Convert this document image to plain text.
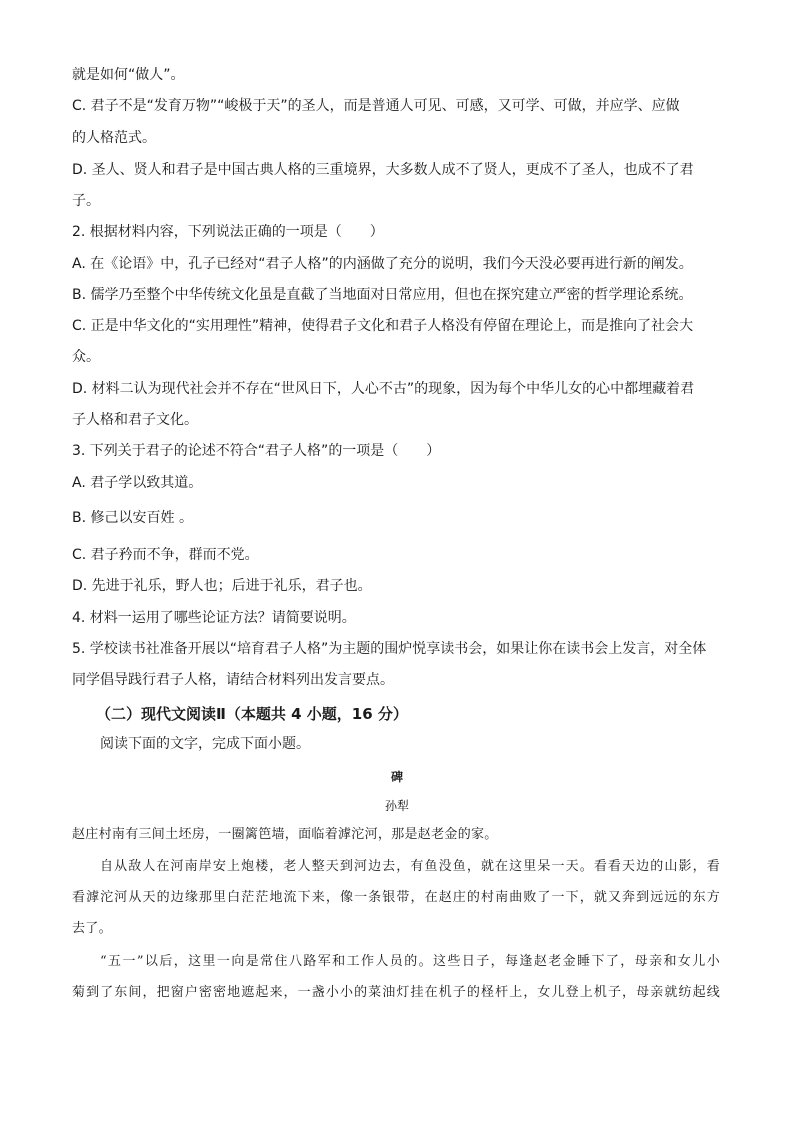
就是如何“做人”。
C. 君子不是“发育万物”“峻极于天”的圣人，而是普通人可见、可感，又可学、可做，并应学、应做
的人格范式。
D. 圣人、贤人和君子是中国古典人格的三重境界，大多数人成不了贤人，更成不了圣人，也成不了君
子。
2. 根据材料内容，下列说法正确的一项是（　　）
A. 在《论语》中，孔子已经对“君子人格”的内涵做了充分的说明，我们今天没必要再进行新的阐发。
B. 儒学乃至整个中华传统文化虽是直截了当地面对日常应用，但也在探究建立严密的哲学理论系统。
C. 正是中华文化的“实用理性”精神，使得君子文化和君子人格没有停留在理论上，而是推向了社会大
众。
D. 材料二认为现代社会并不存在“世风日下，人心不古”的现象，因为每个中华儿女的心中都埋藏着君
子人格和君子文化。
3. 下列关于君子的论述不符合“君子人格”的一项是（　　）
A. 君子学以致其道。
B. 修己以安百姓 。
C. 君子矜而不争，群而不党。
D. 先进于礼乐，野人也；后进于礼乐，君子也。
4. 材料一运用了哪些论证方法？请简要说明。
5. 学校读书社准备开展以“培育君子人格”为主题的围炉悦享读书会，如果让你在读书会上发言，对全体
同学倡导践行君子人格，请结合材料列出发言要点。
（二）现代文阅读Ⅱ（本题共 4 小题，16 分）
阅读下面的文字，完成下面小题。
碑
孙犁
赵庄村南有三间土坯房，一圈篱笆墙，面临着滹沱河，那是赵老金的家。
自从敌人在河南岸安上炮楼，老人整天到河边去，有鱼没鱼，就在这里呆一天。看看天边的山影，看
看滹沱河从天的边缘那里白茫茫地流下来，像一条银带，在赵庄的村南曲败了一下，就又奔到远远的东方
去了。
“五一”以后，这里一向是常住八路军和工作人员的。这些日子，每逢赵老金睡下了，母亲和女儿小
菊到了东间，把窗户密密地遮起来，一盏小小的菜油灯挂在机子的柽杆上，女儿登上机子，母亲就纺起线
